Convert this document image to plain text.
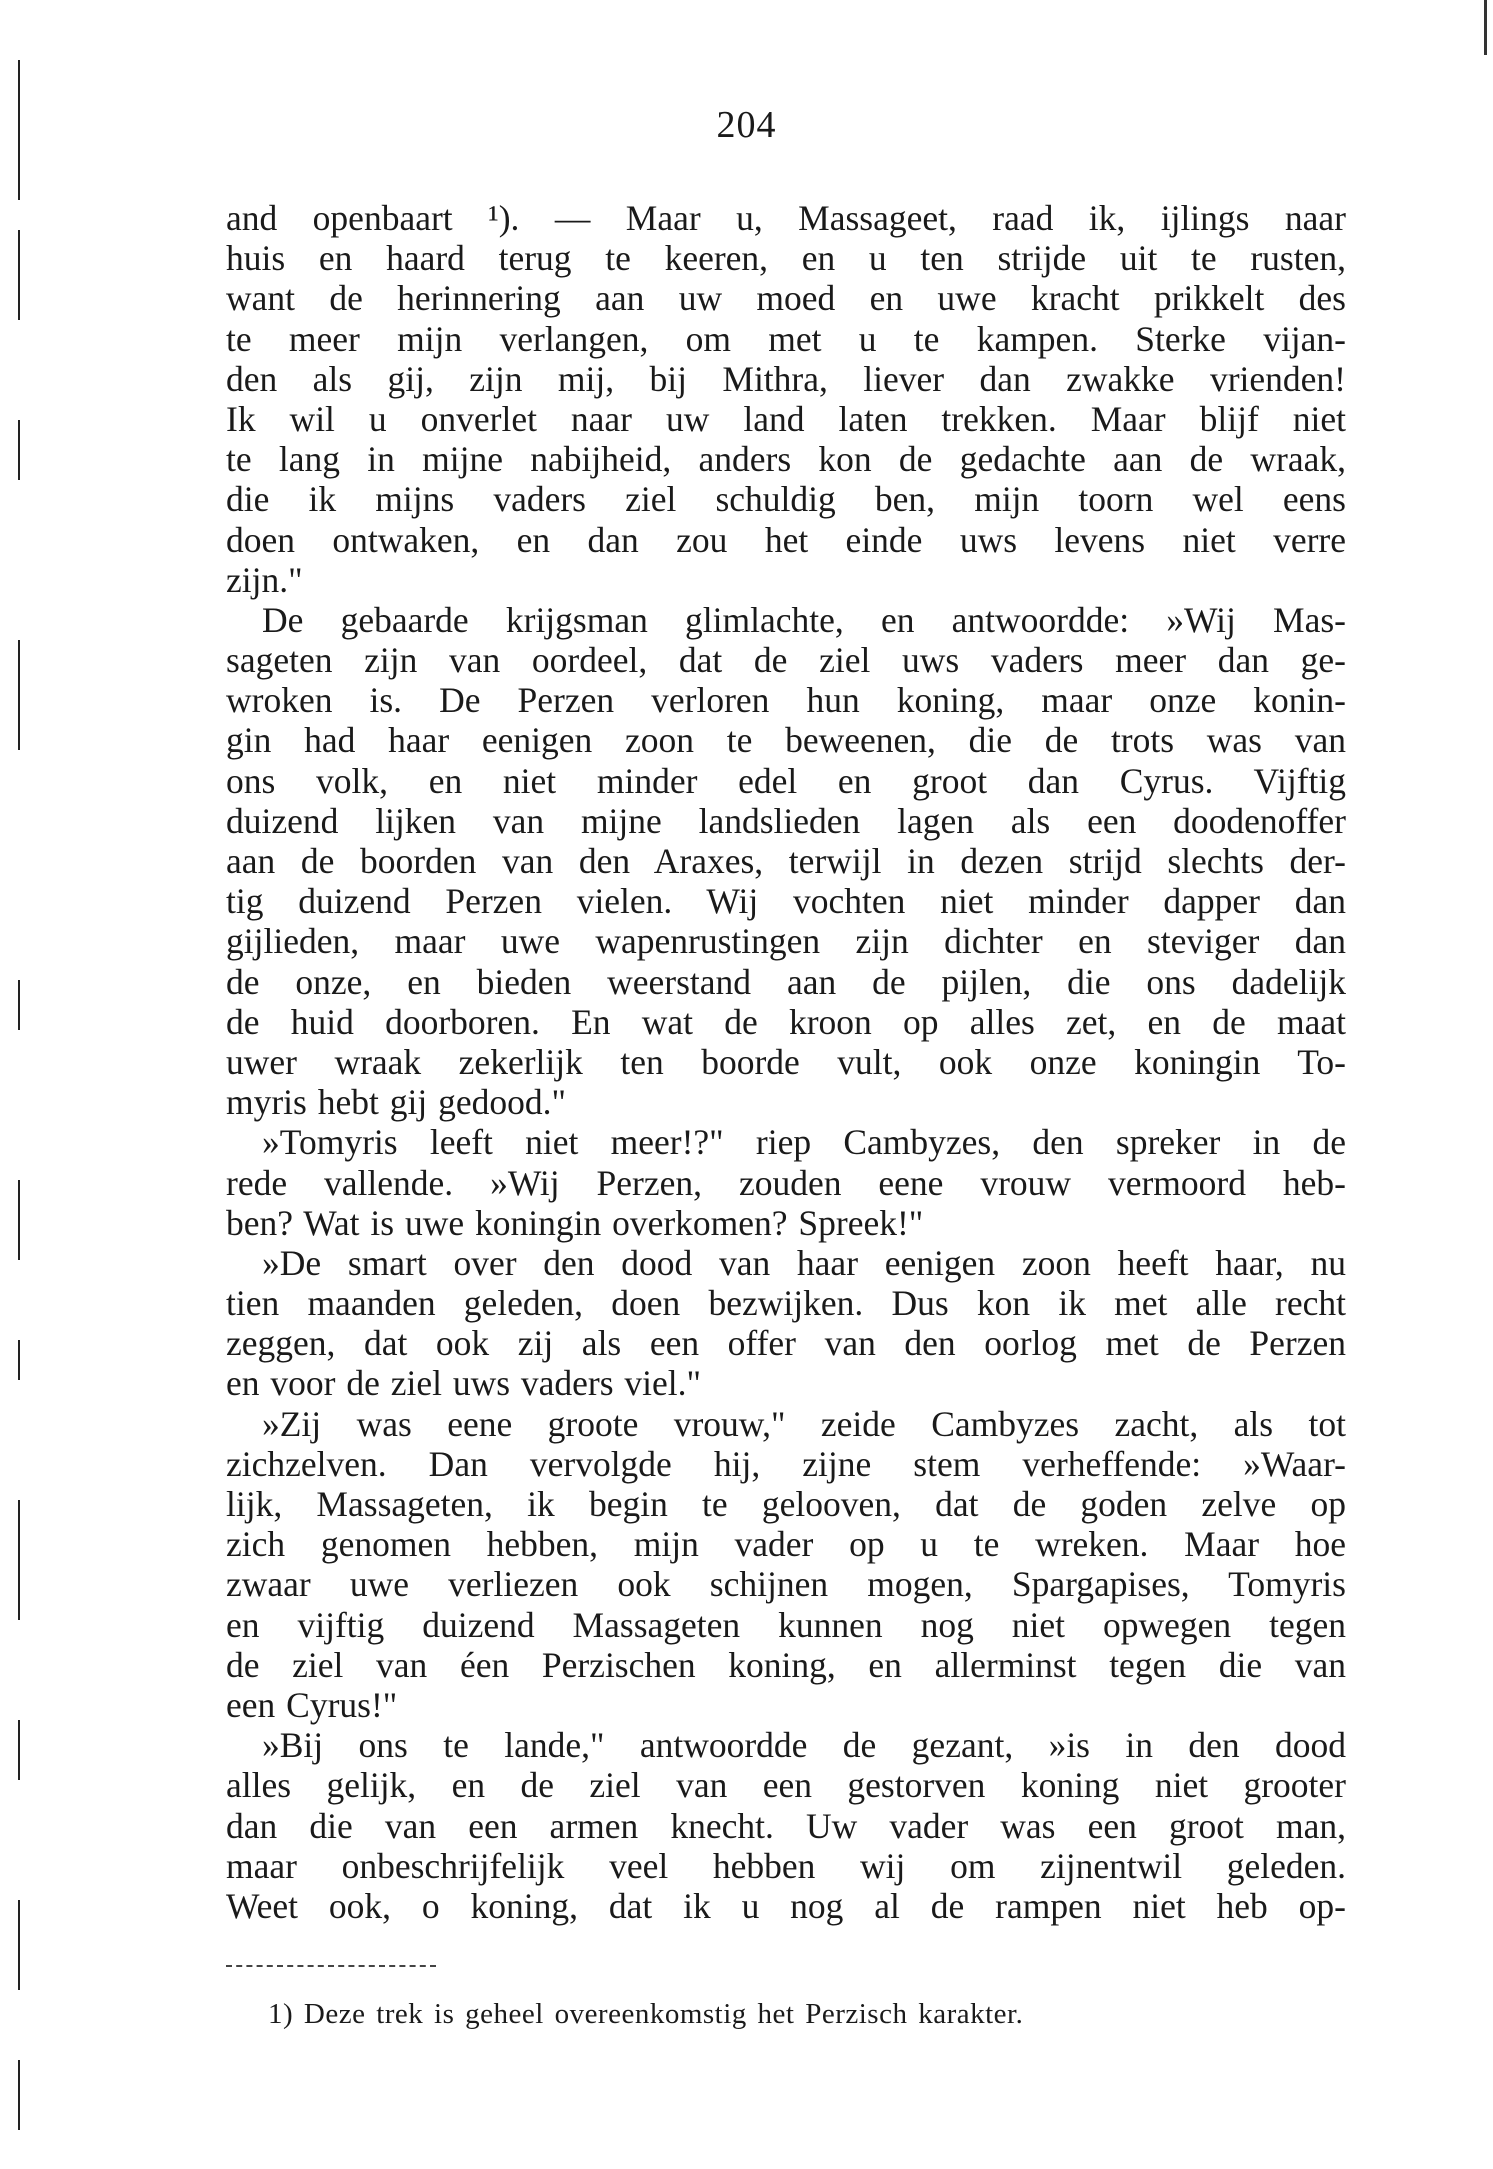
204
and openbaart ¹). — Maar u, Massageet, raad ik, ijlings naar
huis en haard terug te keeren, en u ten strijde uit te rusten,
want de herinnering aan uw moed en uwe kracht prikkelt des
te meer mijn verlangen, om met u te kampen. Sterke vijan-
den als gij, zijn mij, bij Mithra, liever dan zwakke vrienden!
Ik wil u onverlet naar uw land laten trekken. Maar blijf niet
te lang in mijne nabijheid, anders kon de gedachte aan de wraak,
die ik mijns vaders ziel schuldig ben, mijn toorn wel eens
doen ontwaken, en dan zou het einde uws levens niet verre
zijn."
De gebaarde krijgsman glimlachte, en antwoordde: »Wij Mas-
sageten zijn van oordeel, dat de ziel uws vaders meer dan ge-
wroken is. De Perzen verloren hun koning, maar onze konin-
gin had haar eenigen zoon te beweenen, die de trots was van
ons volk, en niet minder edel en groot dan Cyrus. Vijftig
duizend lijken van mijne landslieden lagen als een doodenoffer
aan de boorden van den Araxes, terwijl in dezen strijd slechts der-
tig duizend Perzen vielen. Wij vochten niet minder dapper dan
gijlieden, maar uwe wapenrustingen zijn dichter en steviger dan
de onze, en bieden weerstand aan de pijlen, die ons dadelijk
de huid doorboren. En wat de kroon op alles zet, en de maat
uwer wraak zekerlijk ten boorde vult, ook onze koningin To-
myris hebt gij gedood."
»Tomyris leeft niet meer!?" riep Cambyzes, den spreker in de
rede vallende. »Wij Perzen, zouden eene vrouw vermoord heb-
ben? Wat is uwe koningin overkomen? Spreek!"
»De smart over den dood van haar eenigen zoon heeft haar, nu
tien maanden geleden, doen bezwijken. Dus kon ik met alle recht
zeggen, dat ook zij als een offer van den oorlog met de Perzen
en voor de ziel uws vaders viel."
»Zij was eene groote vrouw," zeide Cambyzes zacht, als tot
zichzelven. Dan vervolgde hij, zijne stem verheffende: »Waar-
lijk, Massageten, ik begin te gelooven, dat de goden zelve op
zich genomen hebben, mijn vader op u te wreken. Maar hoe
zwaar uwe verliezen ook schijnen mogen, Spargapises, Tomyris
en vijftig duizend Massageten kunnen nog niet opwegen tegen
de ziel van éen Perzischen koning, en allerminst tegen die van
een Cyrus!"
»Bij ons te lande," antwoordde de gezant, »is in den dood
alles gelijk, en de ziel van een gestorven koning niet grooter
dan die van een armen knecht. Uw vader was een groot man,
maar onbeschrijfelijk veel hebben wij om zijnentwil geleden.
Weet ook, o koning, dat ik u nog al de rampen niet heb op-
1) Deze trek is geheel overeenkomstig het Perzisch karakter.
